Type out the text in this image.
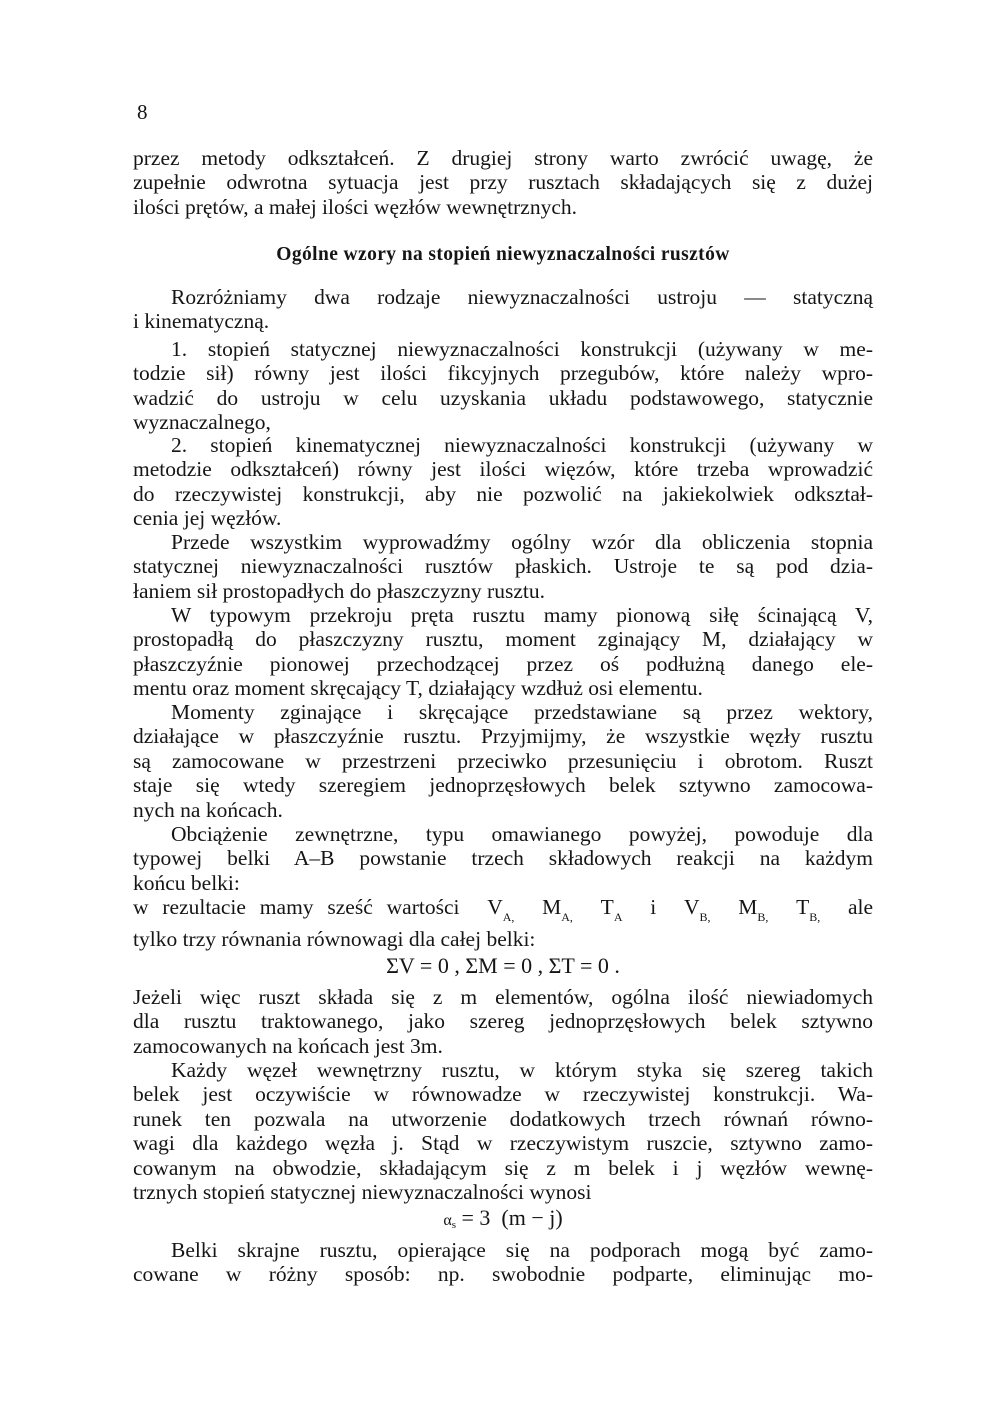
8
przez metody odkształceń. Z drugiej strony warto zwrócić uwagę, że
zupełnie odwrotna sytuacja jest przy rusztach składających się z dużej
ilości prętów, a małej ilości węzłów wewnętrznych.
Ogólne wzory na stopień niewyznaczalności rusztów
Rozróżniamy dwa rodzaje niewyznaczalności ustroju — statyczną
i kinematyczną.
1. stopień statycznej niewyznaczalności konstrukcji (używany w me-
todzie sił) równy jest ilości fikcyjnych przegubów, które należy wpro-
wadzić do ustroju w celu uzyskania układu podstawowego, statycznie
wyznaczalnego,
2. stopień kinematycznej niewyznaczalności konstrukcji (używany w
metodzie odkształceń) równy jest ilości więzów, które trzeba wprowadzić
do rzeczywistej konstrukcji, aby nie pozwolić na jakiekolwiek odkształ-
cenia jej węzłów.
Przede wszystkim wyprowadźmy ogólny wzór dla obliczenia stopnia
statycznej niewyznaczalności rusztów płaskich. Ustroje te są pod dzia-
łaniem sił prostopadłych do płaszczyzny rusztu.
W typowym przekroju pręta rusztu mamy pionową siłę ścinającą V,
prostopadłą do płaszczyzny rusztu, moment zginający M, działający w
płaszczyźnie pionowej przechodzącej przez oś podłużną danego ele-
mentu oraz moment skręcający T, działający wzdłuż osi elementu.
Momenty zginające i skręcające przedstawiane są przez wektory,
działające w płaszczyźnie rusztu. Przyjmijmy, że wszystkie węzły rusztu
są zamocowane w przestrzeni przeciwko przesunięciu i obrotom. Ruszt
staje się wtedy szeregiem jednoprzęsłowych belek sztywno zamocowa-
nych na końcach.
Obciążenie zewnętrzne, typu omawianego powyżej, powoduje dla
typowej belki A–B powstanie trzech składowych reakcji na każdym
końcu belki:
w rezultacie mamy sześć wartości $V_{A,}$ $M_{A,}$ $T_A$ i $V_{B,}$ $M_{B,}$ $T_{B,}$ ale
tylko trzy równania równowagi dla całej belki:
ΣV = 0 , ΣM = 0 , ΣT = 0 .
Jeżeli więc ruszt składa się z m elementów, ogólna ilość niewiadomych
dla rusztu traktowanego, jako szereg jednoprzęsłowych belek sztywno
zamocowanych na końcach jest 3m.
Każdy węzeł wewnętrzny rusztu, w którym styka się szereg takich
belek jest oczywiście w równowadze w rzeczywistej konstrukcji. Wa-
runek ten pozwala na utworzenie dodatkowych trzech równań równo-
wagi dla każdego węzła j. Stąd w rzeczywistym ruszcie, sztywno zamo-
cowanym na obwodzie, składającym się z m belek i j węzłów wewnę-
trznych stopień statycznej niewyznaczalności wynosi
αs = 3  (m − j)
Belki skrajne rusztu, opierające się na podporach mogą być zamo-
cowane w różny sposób: np. swobodnie podparte, eliminując mo-
